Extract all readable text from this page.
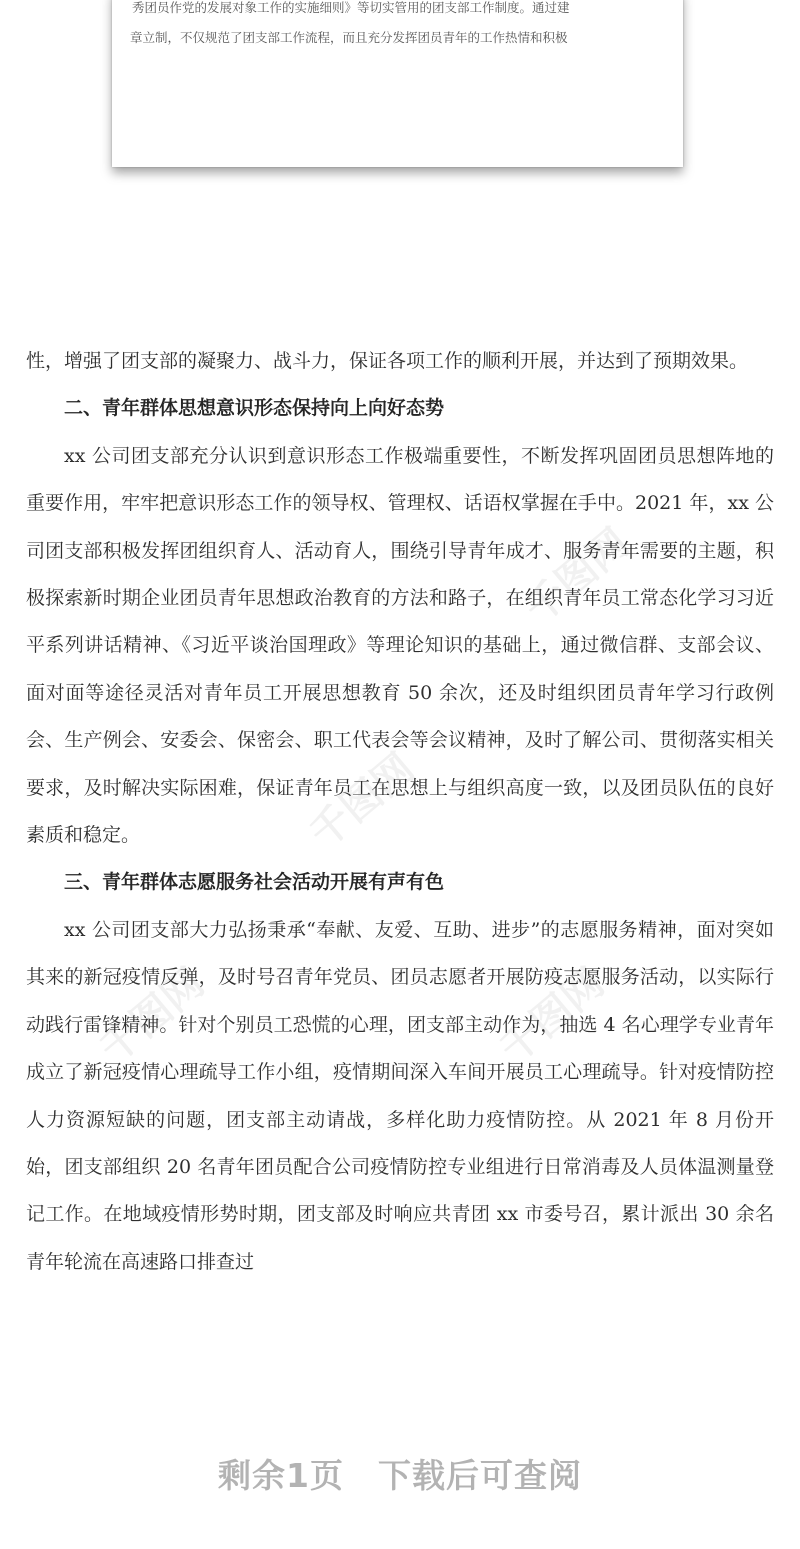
秀团员作党的发展对象工作的实施细则》等切实管用的团支部工作制度。通过建
章立制，不仅规范了团支部工作流程，而且充分发挥团员青年的工作热情和积极
千图网
千图网
千图网	千图网

性，增强了团支部的凝聚力、战斗力，保证各项工作的顺利开展，并达到了预期效果。

二、青年群体思想意识形态保持向上向好态势

xx 公司团支部充分认识到意识形态工作极端重要性，不断发挥巩固团员思想阵地的重要作用，牢牢把意识形态工作的领导权、管理权、话语权掌握在手中。2021 年，xx 公司团支部积极发挥团组织育人、活动育人，围绕引导青年成才、服务青年需要的主题，积极探索新时期企业团员青年思想政治教育的方法和路子，在组织青年员工常态化学习习近平系列讲话精神、《习近平谈治国理政》等理论知识的基础上，通过微信群、支部会议、面对面等途径灵活对青年员工开展思想教育 50 余次，还及时组织团员青年学习行政例会、生产例会、安委会、保密会、职工代表会等会议精神，及时了解公司、贯彻落实相关要求，及时解决实际困难，保证青年员工在思想上与组织高度一致，以及团员队伍的良好素质和稳定。

三、青年群体志愿服务社会活动开展有声有色

xx 公司团支部大力弘扬秉承“奉献、友爱、互助、进步”的志愿服务精神，面对突如其来的新冠疫情反弹，及时号召青年党员、团员志愿者开展防疫志愿服务活动，以实际行动践行雷锋精神。针对个别员工恐慌的心理，团支部主动作为，抽选 4 名心理学专业青年成立了新冠疫情心理疏导工作小组，疫情期间深入车间开展员工心理疏导。针对疫情防控人力资源短缺的问题，团支部主动请战，多样化助力疫情防控。从 2021 年 8 月份开始，团支部组织 20 名青年团员配合公司疫情防控专业组进行日常消毒及人员体温测量登记工作。在地域疫情形势时期，团支部及时响应共青团 xx 市委号召，累计派出 30 余名青年轮流在高速路口排查过

剩余1页 下载后可查阅
